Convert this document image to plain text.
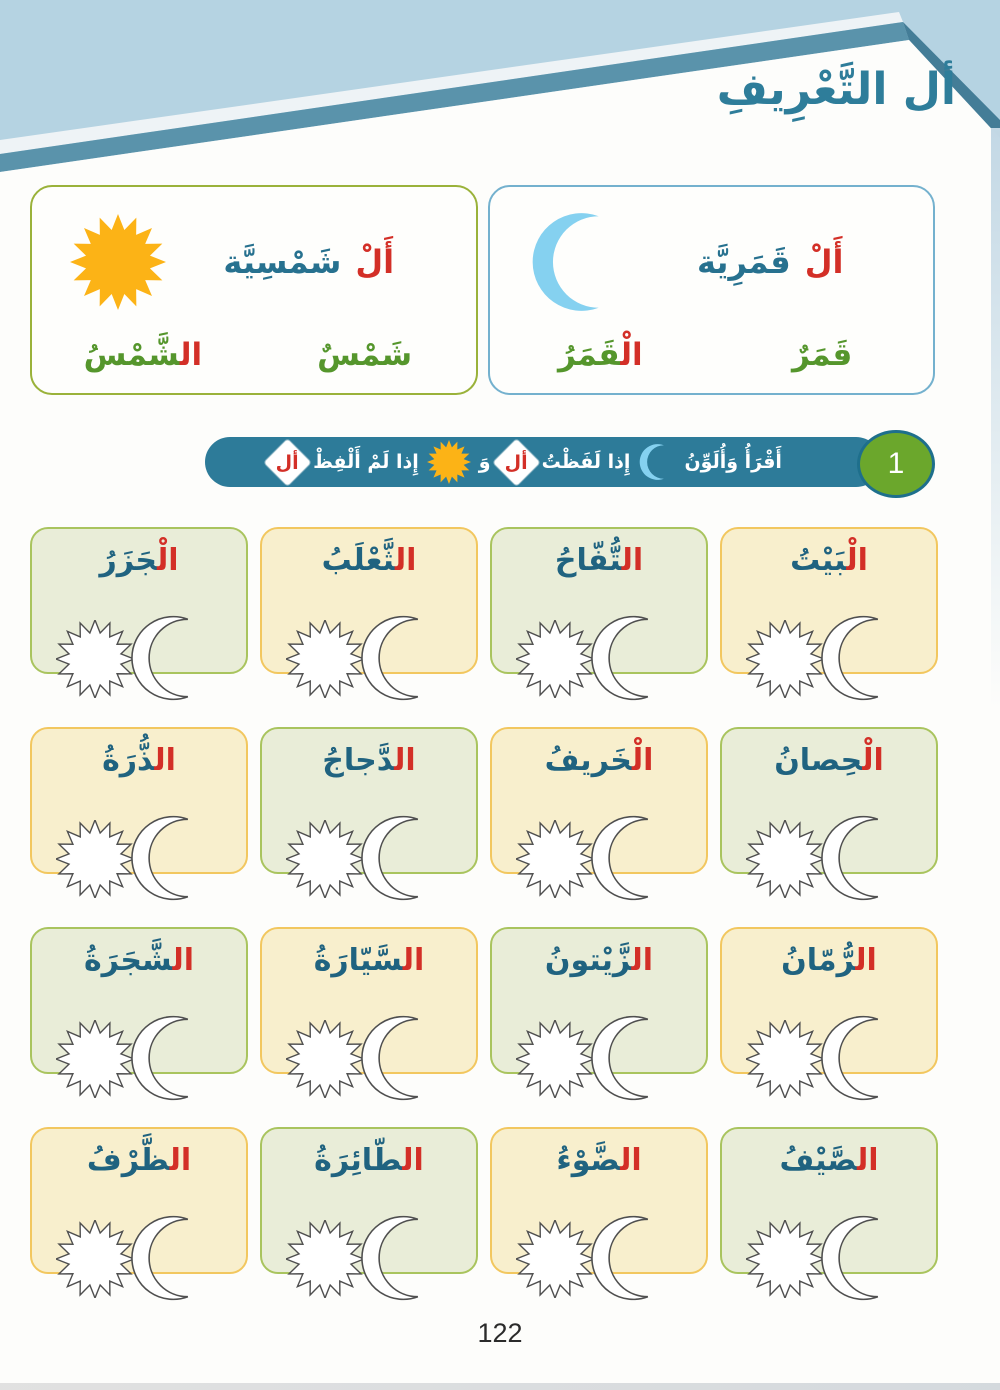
أل التَّعْرِيفِ
أَلْ
شَمْسِيَّة
شَمْسٌ
الشَّمْسُ
أَلْ
قَمَرِيَّة
قَمَرٌ
الْقَمَرُ
أَقْرَأُ وَأُلَوِّنُ
إِذا لَفَظْتُ
أل
وَ
إِذا لَمْ أَلْفِظْ
أل	1
الْبَيْتُ
التُّفّاحُ
الثَّعْلَبُ
الْجَزَرُ
الْحِصانُ
الْخَريفُ
الدَّجاجُ
الذُّرَةُ
الرُّمّانُ
الزَّيْتونُ
السَّيّارَةُ
الشَّجَرَةُ
الصَّيْفُ
الضَّوْءُ
الطّائِرَةُ
الظَّرْفُ
122
